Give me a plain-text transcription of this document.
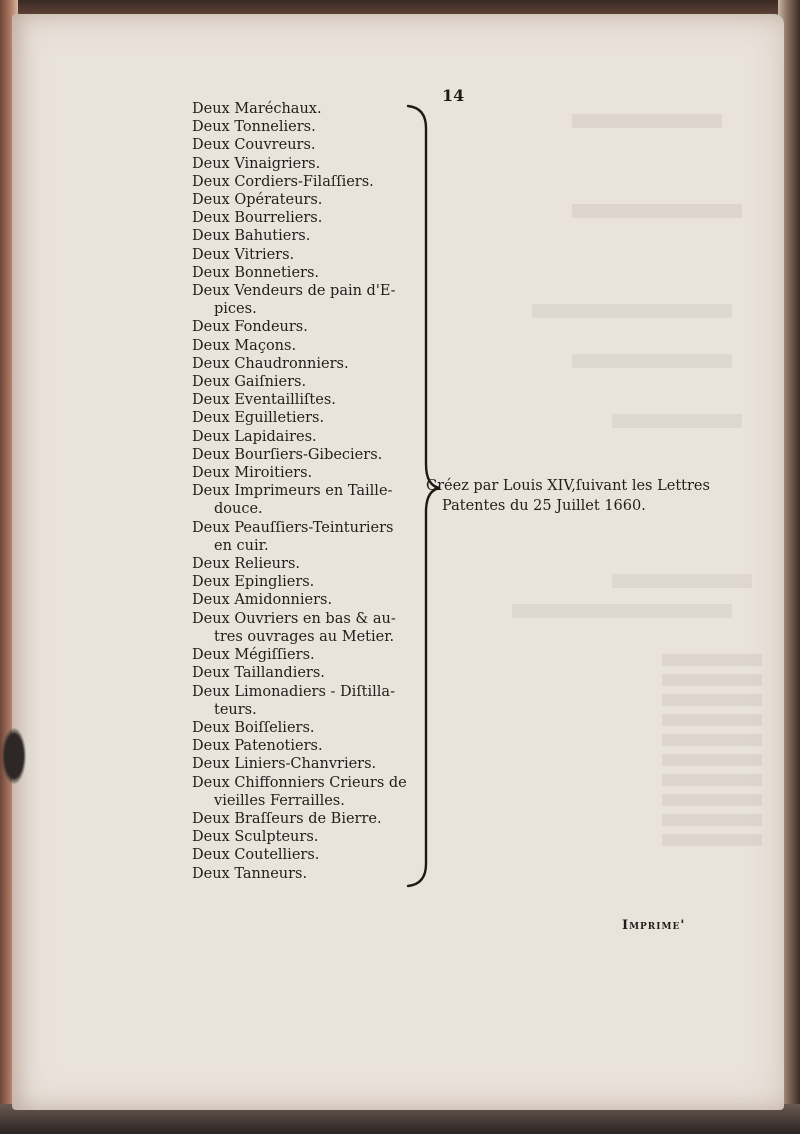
14
Deux Maréchaux.
Deux Tonneliers.
Deux Couvreurs.
Deux Vinaigriers.
Deux Cordiers-Filaſſiers.
Deux Opérateurs.
Deux Bourreliers.
Deux Bahutiers.
Deux Vitriers.
Deux Bonnetiers.
Deux Vendeurs de pain d'E-
pices.
Deux Fondeurs.
Deux Maçons.
Deux Chaudronniers.
Deux Gaiſniers.
Deux Eventailliſtes.
Deux Eguilletiers.
Deux Lapidaires.
Deux Bourſiers-Gibeciers.
Deux Miroitiers.
Deux Imprimeurs en Taille-
douce.
Deux Peauſſiers-Teinturiers
en cuir.
Deux Relieurs.
Deux Epingliers.
Deux Amidonniers.
Deux Ouvriers en bas & au-
tres ouvrages au Metier.
Deux Mégiſſiers.
Deux Taillandiers.
Deux Limonadiers - Diſtilla-
teurs.
Deux Boiſſeliers.
Deux Patenotiers.
Deux Liniers-Chanvriers.
Deux Chiffonniers Crieurs de
vieilles Ferrailles.
Deux Braſſeurs de Bierre.
Deux Sculpteurs.
Deux Coutelliers.
Deux Tanneurs.
Créez par Louis XIV,ſuivant les Lettres
Patentes du 25 Juillet 1660.
Imprime'
